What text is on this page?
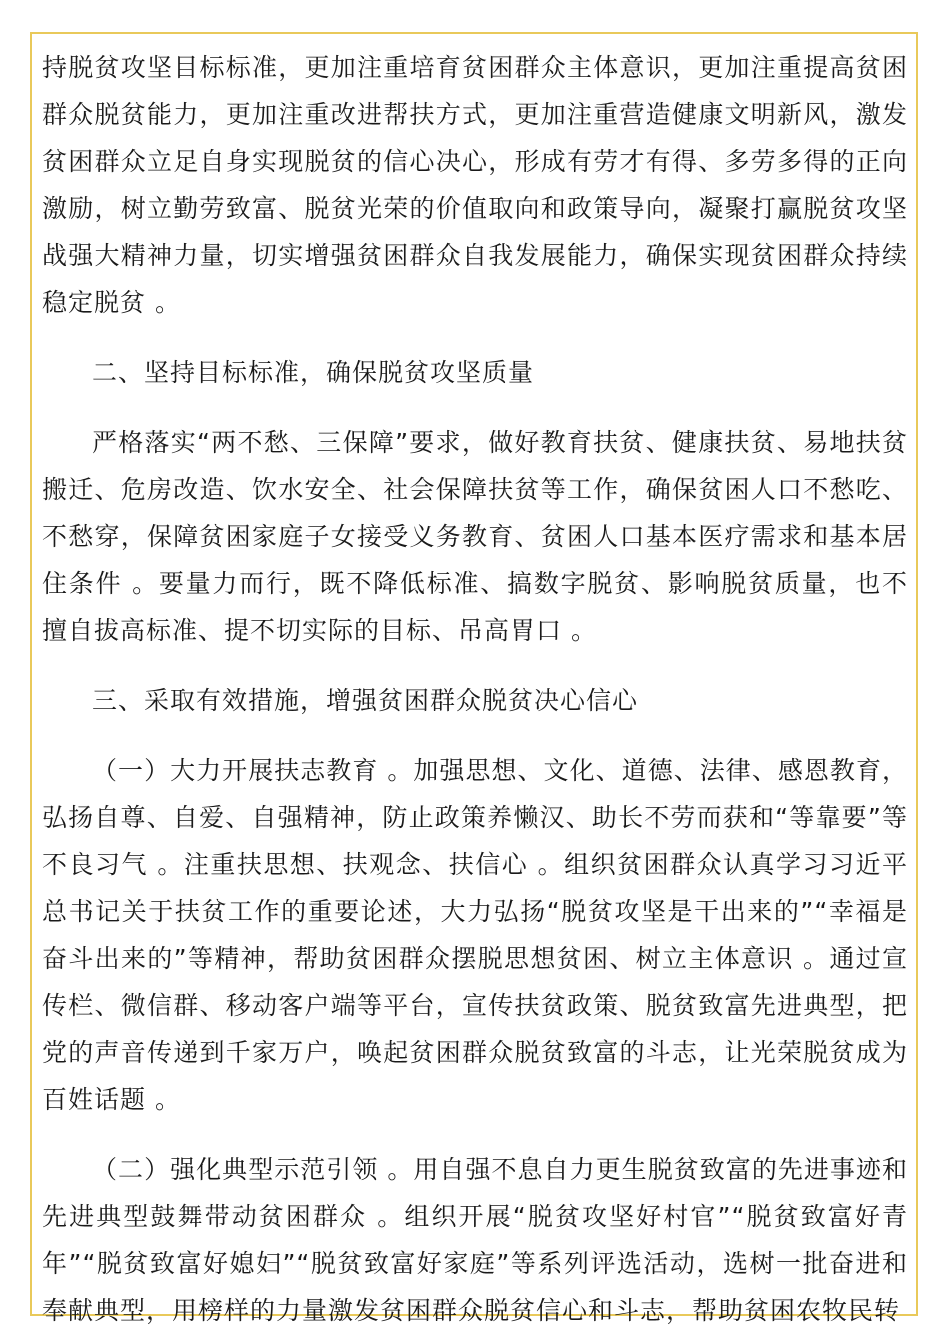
持脱贫攻坚目标标准，更加注重培育贫困群众主体意识，更加注重提高贫困群众脱贫能力，更加注重改进帮扶方式，更加注重营造健康文明新风，激发贫困群众立足自身实现脱贫的信心决心，形成有劳才有得、多劳多得的正向激励，树立勤劳致富、脱贫光荣的价值取向和政策导向，凝聚打赢脱贫攻坚战强大精神力量，切实增强贫困群众自我发展能力，确保实现贫困群众持续稳定脱贫 。

二、坚持目标标准，确保脱贫攻坚质量

严格落实“两不愁、三保障”要求，做好教育扶贫、健康扶贫、易地扶贫搬迁、危房改造、饮水安全、社会保障扶贫等工作，确保贫困人口不愁吃、不愁穿，保障贫困家庭子女接受义务教育、贫困人口基本医疗需求和基本居住条件 。要量力而行，既不降低标准、搞数字脱贫、影响脱贫质量，也不擅自拔高标准、提不切实际的目标、吊高胃口 。

三、采取有效措施，增强贫困群众脱贫决心信心

（一）大力开展扶志教育 。加强思想、文化、道德、法律、感恩教育，弘扬自尊、自爱、自强精神，防止政策养懒汉、助长不劳而获和“等靠要”等不良习气 。注重扶思想、扶观念、扶信心 。组织贫困群众认真学习习近平总书记关于扶贫工作的重要论述，大力弘扬“脱贫攻坚是干出来的”“幸福是奋斗出来的”等精神，帮助贫困群众摆脱思想贫困、树立主体意识 。通过宣传栏、微信群、移动客户端等平台，宣传扶贫政策、脱贫致富先进典型，把党的声音传递到千家万户，唤起贫困群众脱贫致富的斗志，让光荣脱贫成为百姓话题 。

（二）强化典型示范引领 。用自强不息自力更生脱贫致富的先进事迹和先进典型鼓舞带动贫困群众 。组织开展“脱贫攻坚好村官”“脱贫致富好青年”“脱贫致富好媳妇”“脱贫致富好家庭”等系列评选活动，选树一批奋进和奉献典型，用榜样的力量激发贫困群众脱贫信心和斗志，帮助贫困农牧民转
